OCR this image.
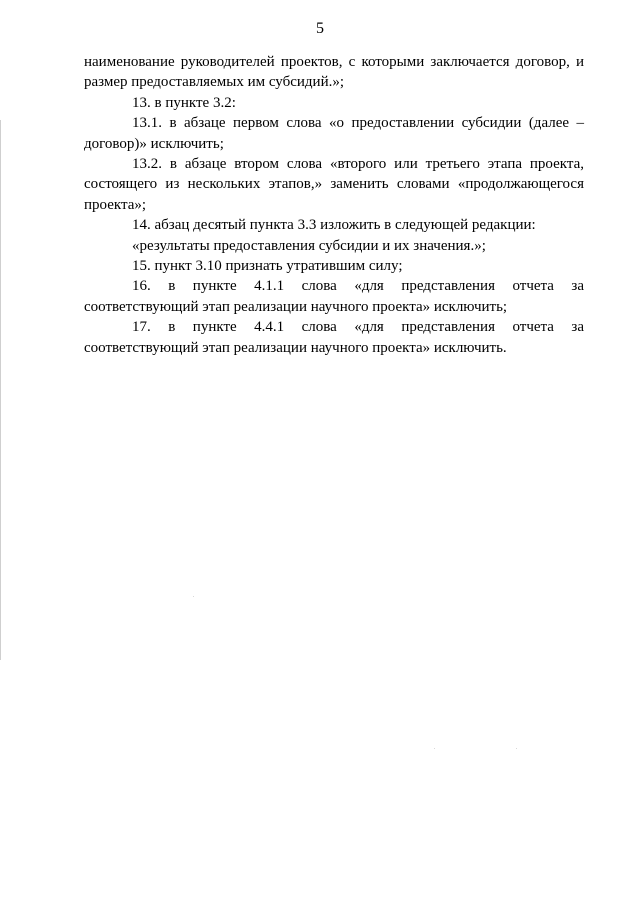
5

наименование руководителей проектов, с которыми заключается договор, и размер предоставляемых им субсидий.»;

13. в пункте 3.2:

13.1. в абзаце первом слова «о предоставлении субсидии (далее – договор)» исключить;

13.2. в абзаце втором слова «второго или третьего этапа проекта, состоящего из нескольких этапов,» заменить словами «продолжающегося проекта»;

14. абзац десятый пункта 3.3 изложить в следующей редакции:

«результаты предоставления субсидии и их значения.»;

15. пункт 3.10 признать утратившим силу;

16. в пункте 4.1.1 слова «для представления отчета за соответствующий этап реализации научного проекта» исключить;

17. в пункте 4.4.1 слова «для представления отчета за соответствующий этап реализации научного проекта» исключить.
